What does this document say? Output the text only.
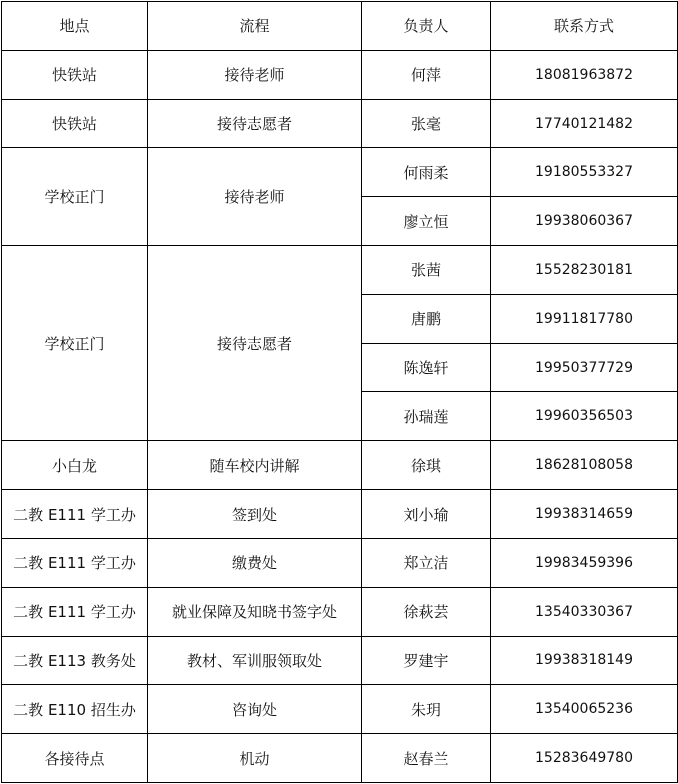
地点	流程	负责人	联系方式
快铁站	接待老师	何萍	18081963872
快铁站	接待志愿者	张毫	17740121482
学校正门	接待老师	何雨柔	19180553327
		廖立恒	19938060367
学校正门	接待志愿者	张茜	15528230181
		唐鹏	19911817780
		陈逸轩	19950377729
		孙瑞莲	19960356503
小白龙	随车校内讲解	徐琪	18628108058
二教 E111 学工办	签到处	刘小瑜	19938314659
二教 E111 学工办	缴费处	郑立洁	19983459396
二教 E111 学工办	就业保障及知晓书签字处	徐萩芸	13540330367
二教 E113 教务处	教材、军训服领取处	罗建宇	19938318149
二教 E110 招生办	咨询处	朱玥	13540065236
各接待点	机动	赵春兰	15283649780
